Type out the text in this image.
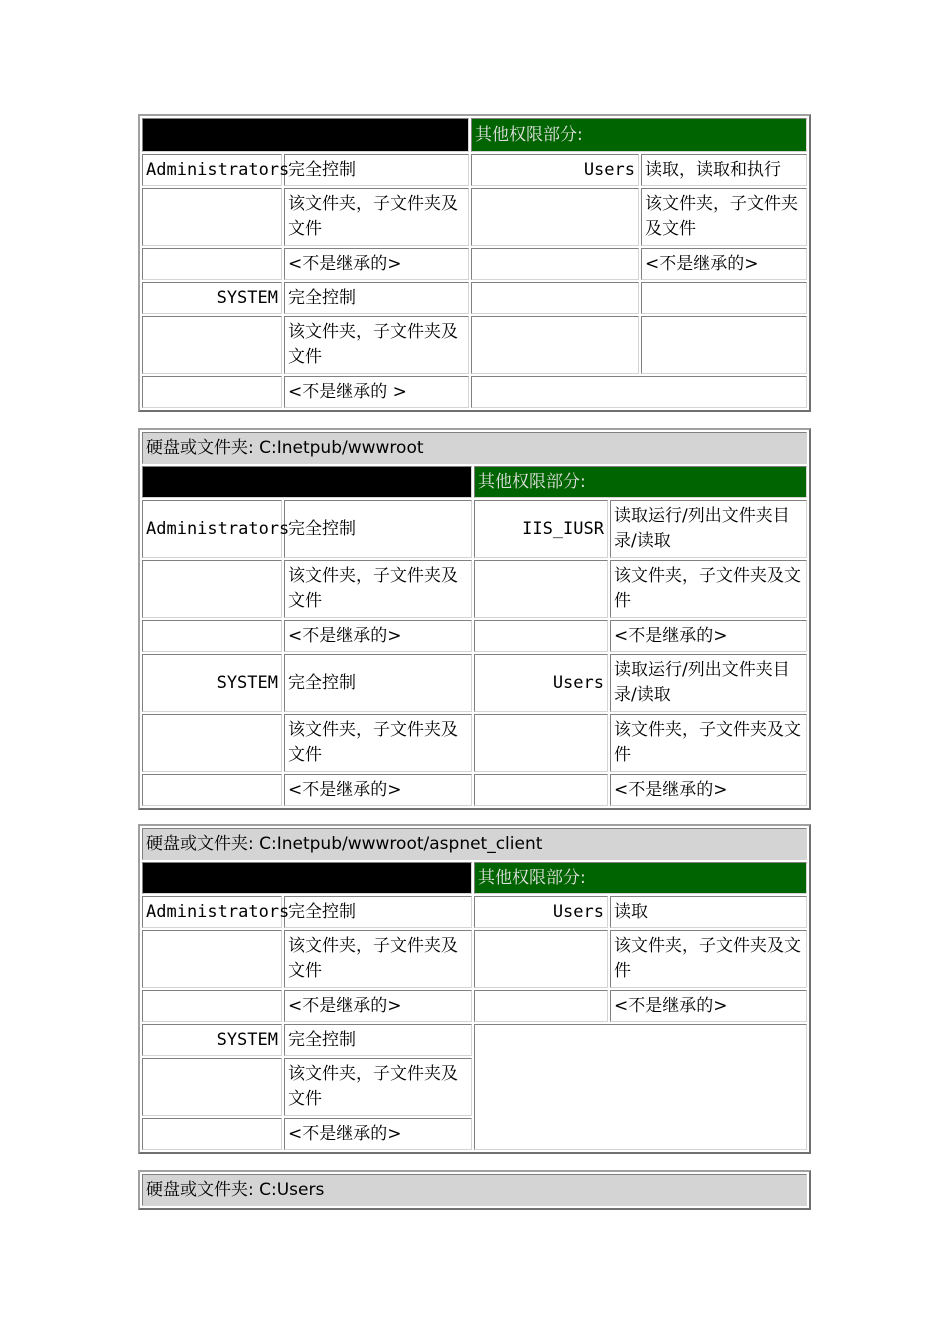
		其他权限部分:	
Administrators	完全控制	Users	读取，读取和执行
	该文件夹，子文件夹及文件		该文件夹，子文件夹及文件
	<不是继承的>		<不是继承的>
SYSTEM	完全控制		
	该文件夹，子文件夹及文件		
	<不是继承的 >		
硬盘或文件夹: C:Inetpub/wwwroot			
		其他权限部分:	
Administrators	完全控制	IIS_IUSR	读取运行/列出文件夹目录/读取
	该文件夹，子文件夹及文件		该文件夹，子文件夹及文件
	<不是继承的>		<不是继承的>
SYSTEM	完全控制	Users	读取运行/列出文件夹目录/读取
	该文件夹，子文件夹及文件		该文件夹，子文件夹及文件
	<不是继承的>		<不是继承的>
硬盘或文件夹: C:Inetpub/wwwroot/aspnet_client			
		其他权限部分:	
Administrators	完全控制	Users	读取
	该文件夹，子文件夹及文件		该文件夹，子文件夹及文件
	<不是继承的>		<不是继承的>
SYSTEM	完全控制		
	该文件夹，子文件夹及文件		
	<不是继承的>		
硬盘或文件夹: C:Users
